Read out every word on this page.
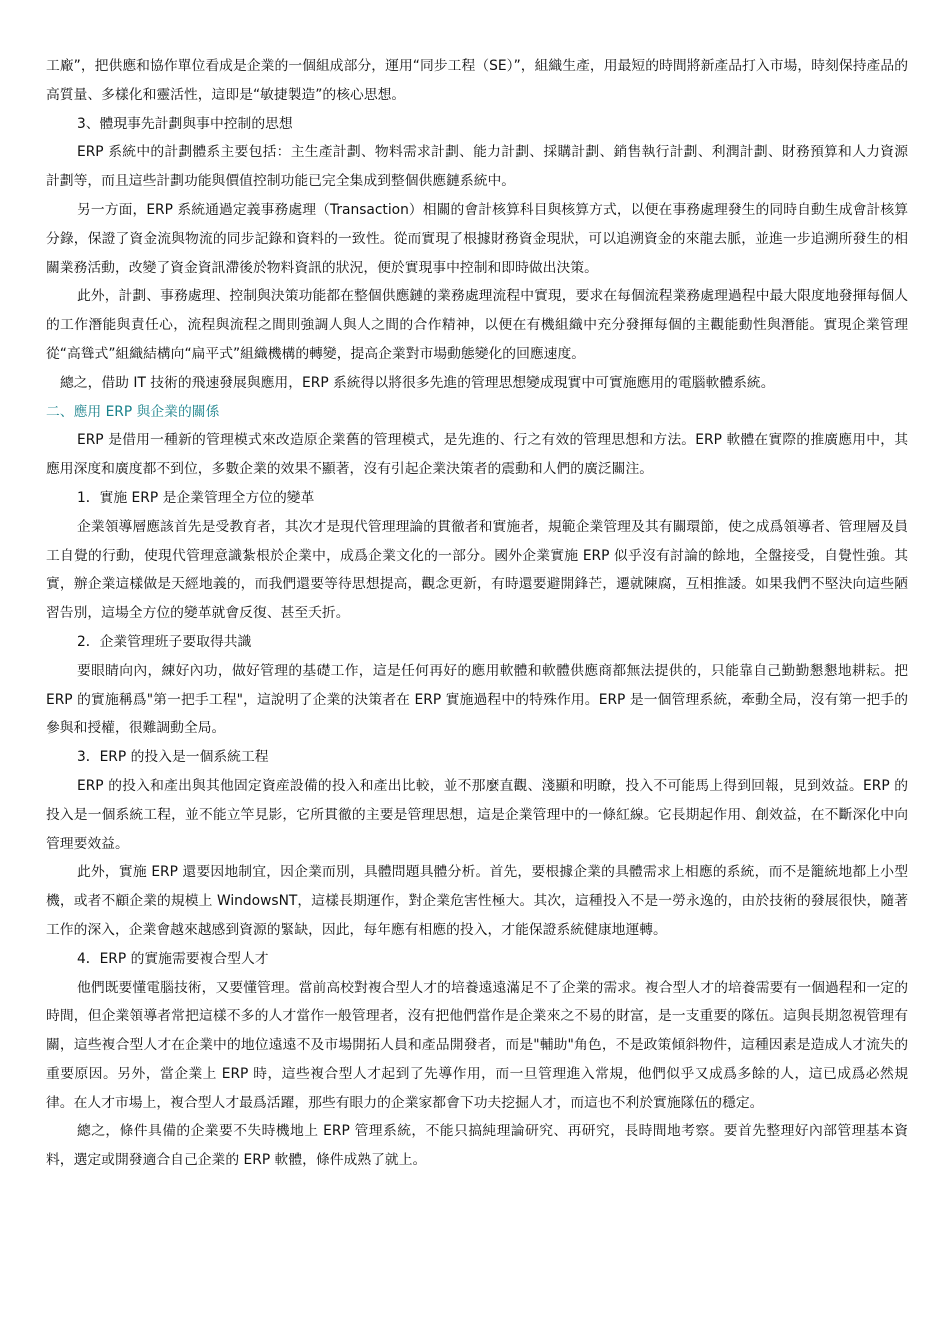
工廠”，把供應和協作單位看成是企業的一個組成部分，運用“同步工程（SE）”，組織生產，用最短的時間將新產品打入市場，時刻保持產品的高質量、多樣化和靈活性，這即是“敏捷製造”的核心思想。

3、體現事先計劃與事中控制的思想

ERP 系統中的計劃體系主要包括：主生產計劃、物料需求計劃、能力計劃、採購計劃、銷售執行計劃、利潤計劃、財務預算和人力資源計劃等，而且這些計劃功能與價值控制功能已完全集成到整個供應鏈系統中。

另一方面，ERP 系統通過定義事務處理（Transaction）相關的會計核算科目與核算方式，以便在事務處理發生的同時自動生成會計核算分錄，保證了資金流與物流的同步記錄和資料的一致性。從而實現了根據財務資金現狀，可以追溯資金的來龍去脈，並進一步追溯所發生的相關業務活動，改變了資金資訊滯後於物料資訊的狀況，便於實現事中控制和即時做出決策。

此外，計劃、事務處理、控制與決策功能都在整個供應鏈的業務處理流程中實現，要求在每個流程業務處理過程中最大限度地發揮每個人的工作潛能與責任心，流程與流程之間則強調人與人之間的合作精神，以便在有機組織中充分發揮每個的主觀能動性與潛能。實現企業管理從“高聳式”組織結構向“扁平式”組織機構的轉變，提高企業對市場動態變化的回應速度。

總之，借助 IT 技術的飛速發展與應用，ERP 系統得以將很多先進的管理思想變成現實中可實施應用的電腦軟體系統。

二、應用 ERP 與企業的關係

ERP 是借用一種新的管理模式來改造原企業舊的管理模式，是先進的、行之有效的管理思想和方法。ERP 軟體在實際的推廣應用中，其應用深度和廣度都不到位，多數企業的效果不顯著，沒有引起企業決策者的震動和人們的廣泛關注。

1．實施 ERP 是企業管理全方位的變革

企業領導層應該首先是受教育者，其次才是現代管理理論的貫徹者和實施者，規範企業管理及其有關環節，使之成爲領導者、管理層及員工自覺的行動，使現代管理意識紮根於企業中，成爲企業文化的一部分。國外企業實施 ERP 似乎沒有討論的餘地，全盤接受，自覺性強。其實，辦企業這樣做是天經地義的，而我們還要等待思想提高，觀念更新，有時還要避開鋒芒，遷就陳腐，互相推諉。如果我們不堅決向這些陋習告別，這場全方位的變革就會反復、甚至夭折。

2．企業管理班子要取得共識

要眼睛向內，練好內功，做好管理的基礎工作，這是任何再好的應用軟體和軟體供應商都無法提供的，只能靠自己勤勤懇懇地耕耘。把 ERP 的實施稱爲"第一把手工程"，這說明了企業的決策者在 ERP 實施過程中的特殊作用。ERP 是一個管理系統，牽動全局，沒有第一把手的參與和授權，很難調動全局。

3．ERP 的投入是一個系統工程

ERP 的投入和產出與其他固定資産設備的投入和產出比較，並不那麼直觀、淺顯和明瞭，投入不可能馬上得到回報，見到效益。ERP 的投入是一個系統工程，並不能立竿見影，它所貫徹的主要是管理思想，這是企業管理中的一條紅線。它長期起作用、創效益，在不斷深化中向管理要效益。

此外，實施 ERP 還要因地制宜，因企業而別，具體問題具體分析。首先，要根據企業的具體需求上相應的系統，而不是籠統地都上小型機，或者不顧企業的規模上 WindowsNT，這樣長期運作，對企業危害性極大。其次，這種投入不是一勞永逸的，由於技術的發展很快，隨著工作的深入，企業會越來越感到資源的緊缺，因此，每年應有相應的投入，才能保證系統健康地運轉。

4．ERP 的實施需要複合型人才

他們既要懂電腦技術，又要懂管理。當前高校對複合型人才的培養遠遠滿足不了企業的需求。複合型人才的培養需要有一個過程和一定的時間，但企業領導者常把這樣不多的人才當作一般管理者，沒有把他們當作是企業來之不易的財富，是一支重要的隊伍。這與長期忽視管理有關，這些複合型人才在企業中的地位遠遠不及市場開拓人員和產品開發者，而是"輔助"角色，不是政策傾斜物件，這種因素是造成人才流失的重要原因。另外，當企業上 ERP 時，這些複合型人才起到了先導作用，而一旦管理進入常規，他們似乎又成爲多餘的人，這已成爲必然規律。在人才市場上，複合型人才最爲活躍，那些有眼力的企業家都會下功夫挖掘人才，而這也不利於實施隊伍的穩定。

總之，條件具備的企業要不失時機地上 ERP 管理系統，不能只搞純理論研究、再研究，長時間地考察。要首先整理好內部管理基本資料，選定或開發適合自己企業的 ERP 軟體，條件成熟了就上。
